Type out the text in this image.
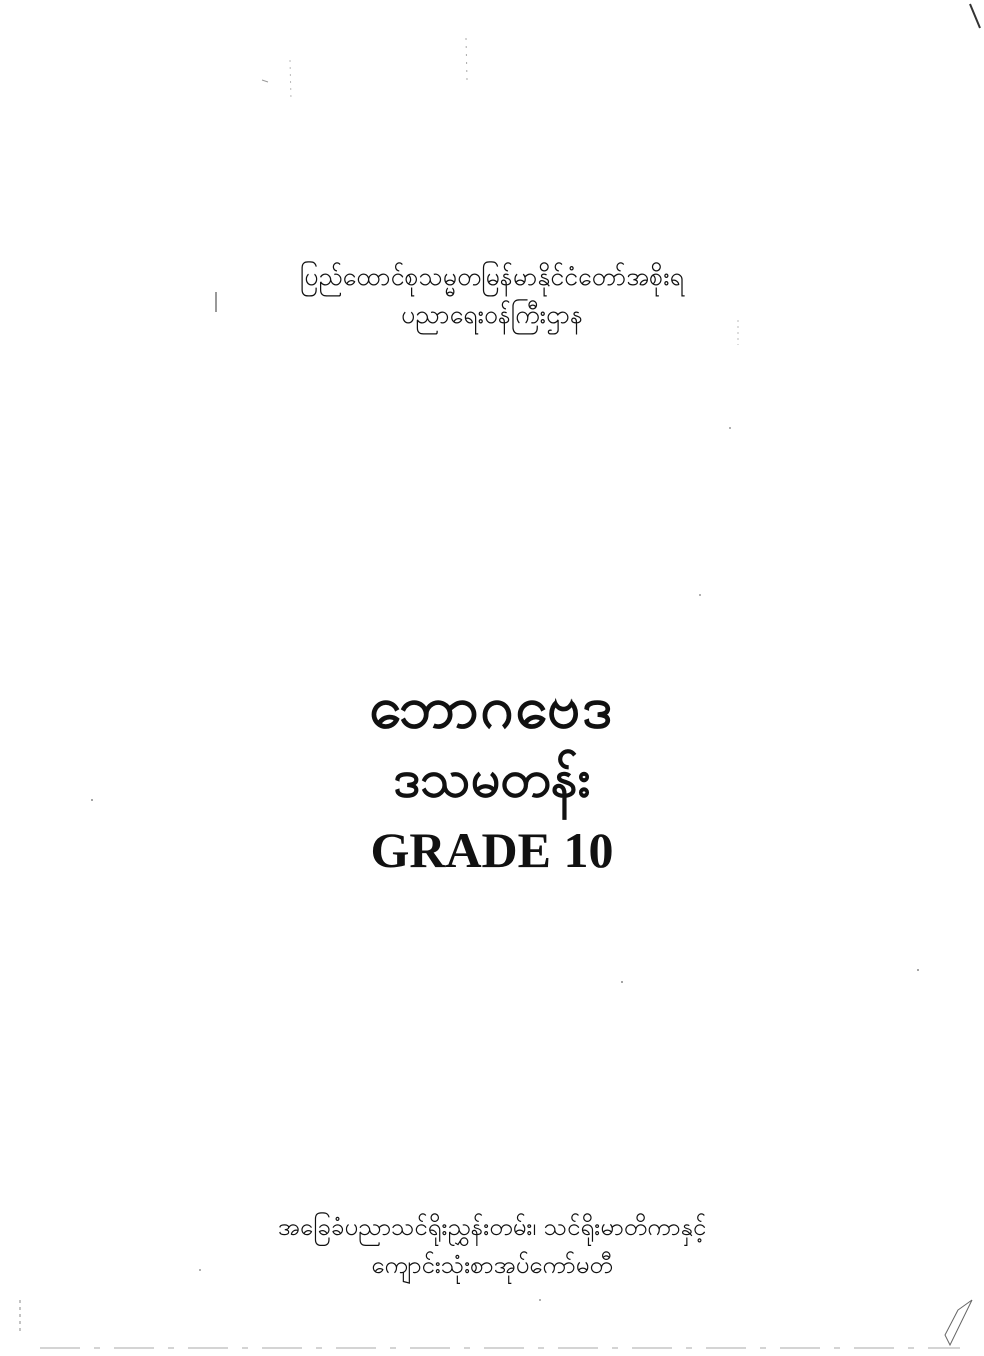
ပြည်ထောင်စုသမ္မတမြန်မာနိုင်ငံတော်အစိုးရ
ပညာရေးဝန်ကြီးဌာန
ဘောဂဗေဒ
ဒသမတန်း
GRADE 10
အခြေခံပညာသင်ရိုးညွှန်းတမ်း၊ သင်ရိုးမာတိကာနှင့်
ကျောင်းသုံးစာအုပ်ကော်မတီ
